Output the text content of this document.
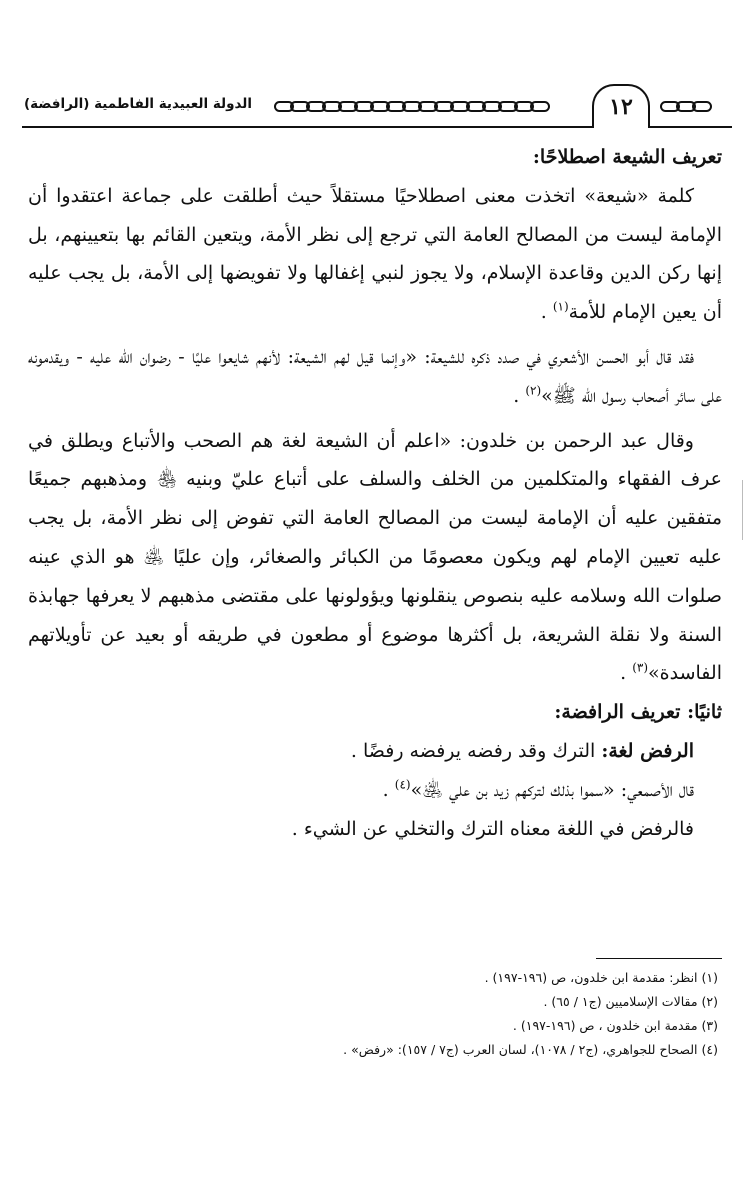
الدولة العبيدية الفاطمية (الرافضة)	١٢

تعريف الشيعة اصطلاحًا:

كلمة «شيعة» اتخذت معنى اصطلاحيًا مستقلاً حيث أطلقت على جماعة اعتقدوا أن الإمامة ليست من المصالح العامة التي ترجع إلى نظر الأمة، ويتعين القائم بها بتعيينهم، بل إنها ركن الدين وقاعدة الإسلام، ولا يجوز لنبي إغفالها ولا تفويضها إلى الأمة، بل يجب عليه أن يعين الإمام للأمة$^{(١)}$ .

فقد قال أبو الحسن الأشعري في صدد ذكره للشيعة: «وإنما قيل لهم الشيعة: لأنهم شايعوا عليًا - رضوان الله عليه - ويقدمونه على سائر أصحاب رسول الله ﷺ»$^{(٢)}$ .

وقال عبد الرحمن بن خلدون: «اعلم أن الشيعة لغة هم الصحب والأتباع ويطلق في عرف الفقهاء والمتكلمين من الخلف والسلف على أتباع عليّ وبنيه ﵃ ومذهبهم جميعًا متفقين عليه أن الإمامة ليست من المصالح العامة التي تفوض إلى نظر الأمة، بل يجب عليه تعيين الإمام لهم ويكون معصومًا من الكبائر والصغائر، وإن عليًا ﵁ هو الذي عينه صلوات الله وسلامه عليه بنصوص ينقلونها ويؤولونها على مقتضى مذهبهم لا يعرفها جهابذة السنة ولا نقلة الشريعة، بل أكثرها موضوع أو مطعون في طريقه أو بعيد عن تأويلاتهم الفاسدة»$^{(٣)}$ .

ثانيًا: تعريف الرافضة:

الرفض لغة: الترك وقد رفضه يرفضه رفضًا .

قال الأصمعي: «سموا بذلك لتركهم زيد بن علي ﵁»$^{(٤)}$ .

فالرفض في اللغة معناه الترك والتخلي عن الشيء .

(١) انظر: مقدمة ابن خلدون، ص (١٩٦-١٩٧) .

(٢) مقالات الإسلاميين (ج١ / ٦٥) .

(٣) مقدمة ابن خلدون ، ص (١٩٦-١٩٧) .

(٤) الصحاح للجواهري، (ج٢ / ١٠٧٨)، لسان العرب (ج٧ / ١٥٧): «رفض» .
